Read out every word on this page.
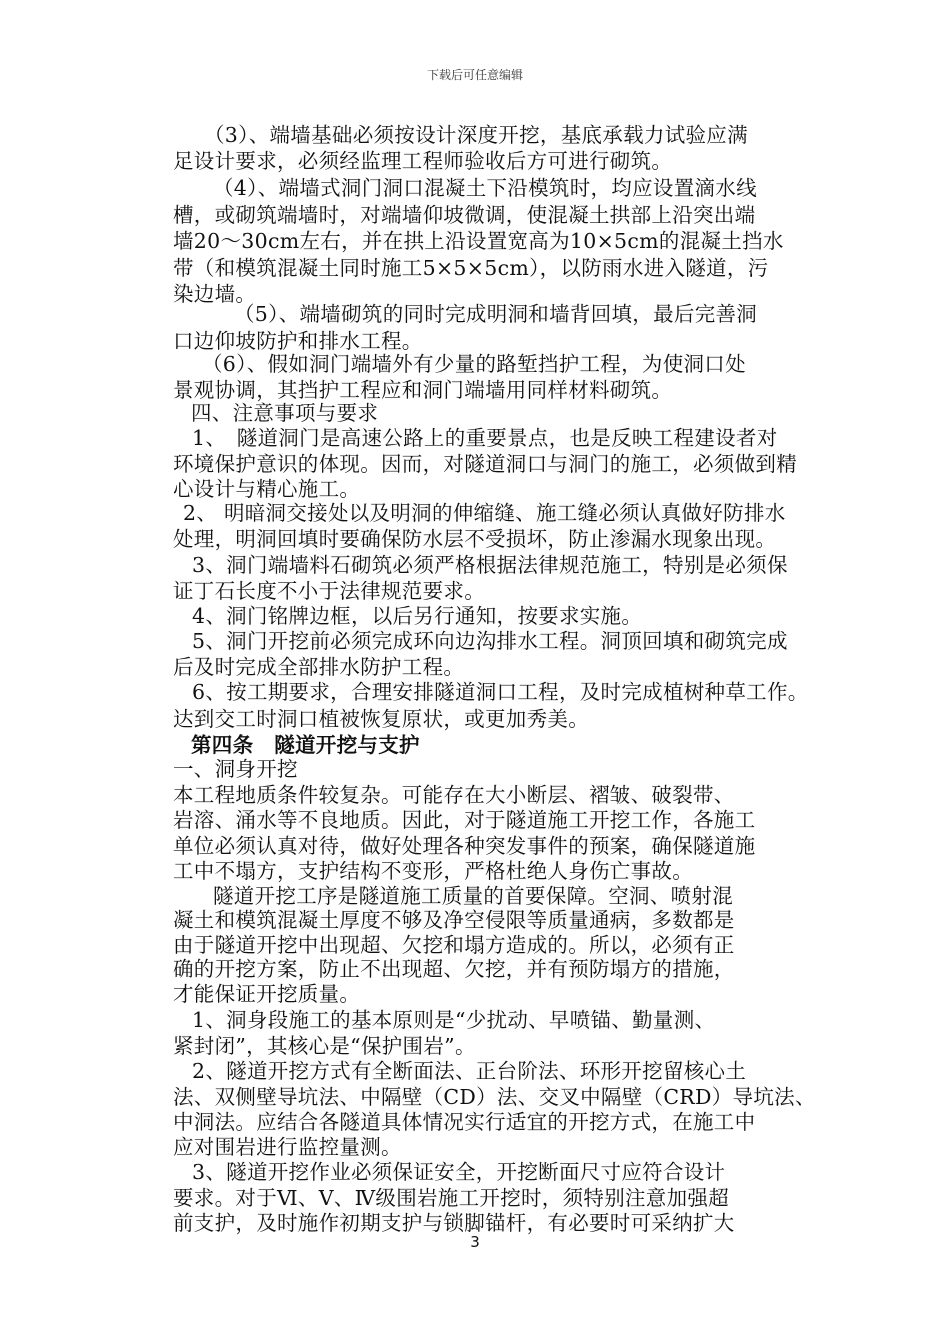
下载后可任意编辑
（3）、端墙基础必须按设计深度开挖，基底承载力试验应满
足设计要求，必须经监理工程师验收后方可进行砌筑。
（4）、端墙式洞门洞口混凝土下沿模筑时，均应设置滴水线
槽，或砌筑端墙时，对端墙仰坡微调，使混凝土拱部上沿突出端
墙20～30cm左右，并在拱上沿设置宽高为10×5cm的混凝土挡水
带（和模筑混凝土同时施工5×5×5cm），以防雨水进入隧道，污
染边墙。
（5）、端墙砌筑的同时完成明洞和墙背回填，最后完善洞
口边仰坡防护和排水工程。
（6）、假如洞门端墙外有少量的路堑挡护工程，为使洞口处
景观协调，其挡护工程应和洞门端墙用同样材料砌筑。
四、注意事项与要求
1、　隧道洞门是高速公路上的重要景点，也是反映工程建设者对
环境保护意识的体现。因而，对隧道洞口与洞门的施工，必须做到精
心设计与精心施工。
2、 明暗洞交接处以及明洞的伸缩缝、施工缝必须认真做好防排水
处理，明洞回填时要确保防水层不受损坏，防止渗漏水现象出现。
3、洞门端墙料石砌筑必须严格根据法律规范施工，特别是必须保
证丁石长度不小于法律规范要求。
4、洞门铭牌边框，以后另行通知，按要求实施。
5、洞门开挖前必须完成环向边沟排水工程。洞顶回填和砌筑完成
后及时完成全部排水防护工程。
6、按工期要求，合理安排隧道洞口工程，及时完成植树种草工作。
达到交工时洞口植被恢复原状，或更加秀美。
第四条　隧道开挖与支护
一、洞身开挖
本工程地质条件较复杂。可能存在大小断层、褶皱、破裂带、
岩溶、涌水等不良地质。因此，对于隧道施工开挖工作，各施工
单位必须认真对待，做好处理各种突发事件的预案，确保隧道施
工中不塌方，支护结构不变形，严格杜绝人身伤亡事故。
隧道开挖工序是隧道施工质量的首要保障。空洞、喷射混
凝土和模筑混凝土厚度不够及净空侵限等质量通病，多数都是
由于隧道开挖中出现超、欠挖和塌方造成的。所以，必须有正
确的开挖方案，防止不出现超、欠挖，并有预防塌方的措施，
才能保证开挖质量。
1、洞身段施工的基本原则是“少扰动、早喷锚、勤量测、
紧封闭”，其核心是“保护围岩”。
2、隧道开挖方式有全断面法、正台阶法、环形开挖留核心土
法、双侧壁导坑法、中隔壁（CD）法、交叉中隔壁（CRD）导坑法、
中洞法。应结合各隧道具体情况实行适宜的开挖方式，在施工中
应对围岩进行监控量测。
3、隧道开挖作业必须保证安全，开挖断面尺寸应符合设计
要求。对于Ⅵ、Ⅴ、Ⅳ级围岩施工开挖时，须特别注意加强超
前支护，及时施作初期支护与锁脚锚杆，有必要时可采纳扩大
3
